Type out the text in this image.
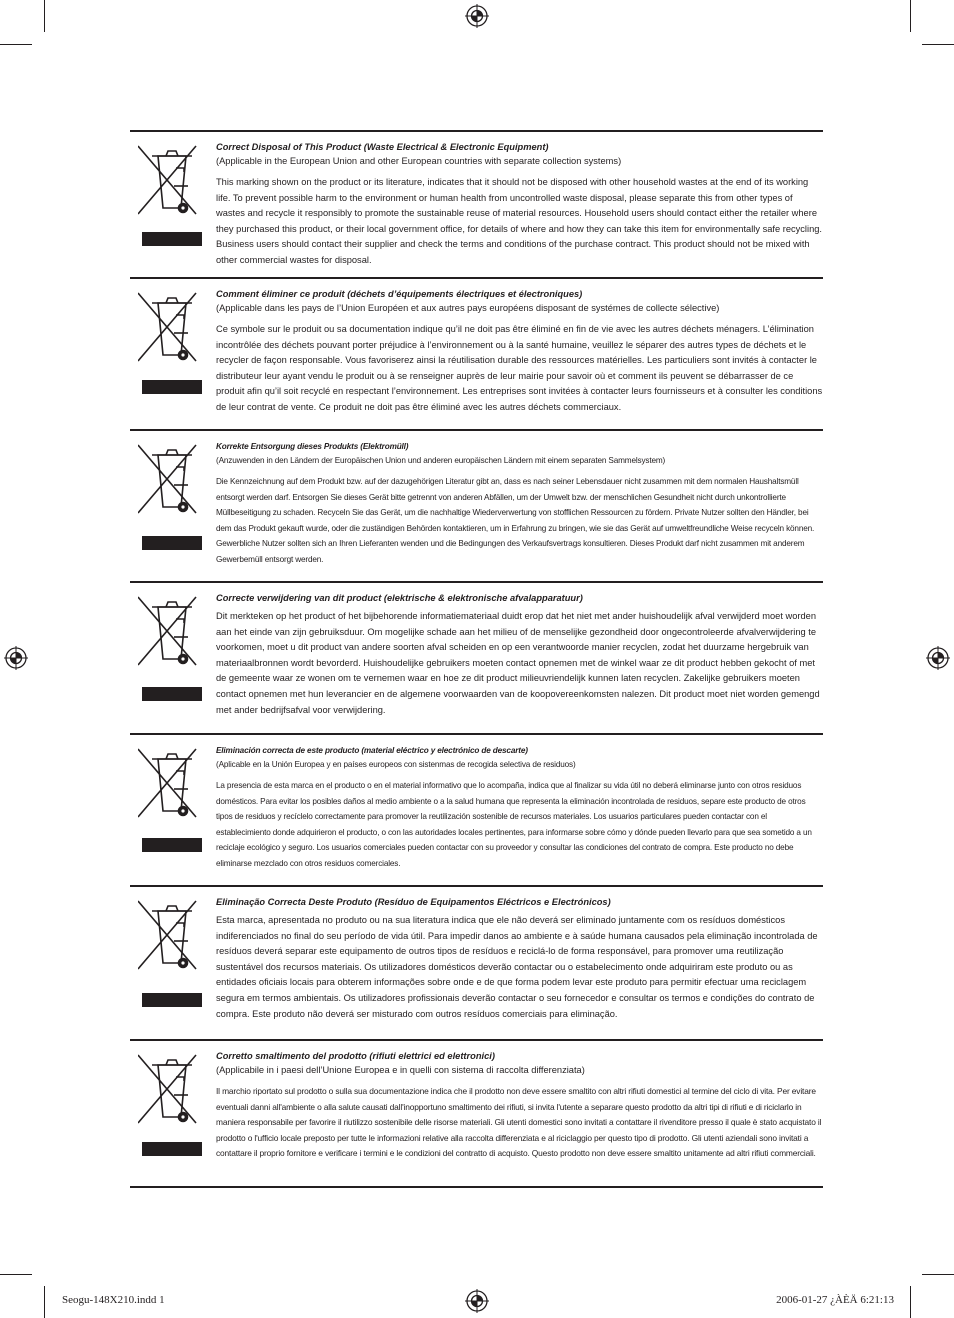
Correct Disposal of This Product (Waste Electrical & Electronic Equipment)
(Applicable in the European Union and other European countries with separate collection systems)
This marking shown on the product or its literature, indicates that it should not be disposed with other household wastes at the end of its working life. To prevent possible harm to the environment or human health from uncontrolled waste disposal, please separate this from other types of wastes and recycle it responsibly to promote the sustainable reuse of material resources. Household users should contact either the retailer where they purchased this product, or their local government office, for details of where and how they can take this item for environmentally safe recycling. Business users should contact their supplier and check the terms and conditions of the purchase contract. This product should not be mixed with other commercial wastes for disposal.
Comment éliminer ce produit (déchets d’équipements électriques et électroniques)
(Applicable dans les pays de l’Union Européen et aux autres pays européens disposant de systémes de collecte sélective)
Ce symbole sur le produit ou sa documentation indique qu’il ne doit pas être éliminé en fin de vie avec les autres déchets ménagers. L’élimination incontrôlée des déchets pouvant porter préjudice à l’environnement ou à la santé humaine, veuillez le séparer des autres types de déchets et le recycler de façon responsable. Vous favoriserez ainsi la réutilisation durable des ressources matérielles. Les particuliers sont invités à contacter le distributeur leur ayant vendu le produit ou à se renseigner auprès de leur mairie pour savoir où et comment ils peuvent se débarrasser de ce produit afin qu’il soit recyclé en respectant l’environnement. Les entreprises sont invitées à contacter leurs fournisseurs et à consulter les conditions de leur contrat de vente. Ce produit ne doit pas être éliminé avec les autres déchets commerciaux.
Korrekte Entsorgung dieses Produkts (Elektromüll)
(Anzuwenden in den Ländern der Europäischen Union und anderen europäischen Ländern mit einem separaten Sammelsystem)
Die Kennzeichnung auf dem Produkt bzw. auf der dazugehörigen Literatur gibt an, dass es nach seiner Lebensdauer nicht zusammen mit dem normalen Haushaltsmüll entsorgt werden darf. Entsorgen Sie dieses Gerät bitte getrennt von anderen Abfällen, um der Umwelt bzw. der menschlichen Gesundheit nicht durch unkontrollierte Müllbeseitigung zu schaden. Recyceln Sie das Gerät, um die nachhaltige Wiederverwertung von stofflichen Ressourcen zu fördern. Private Nutzer sollten den Händler, bei dem das Produkt gekauft wurde, oder die zuständigen Behörden kontaktieren, um in Erfahrung zu bringen, wie sie das Gerät auf umweltfreundliche Weise recyceln können. Gewerbliche Nutzer sollten sich an Ihren Lieferanten wenden und die Bedingungen des Verkaufsvertrags konsultieren. Dieses Produkt darf nicht zusammen mit anderem Gewerbemüll entsorgt werden.
Correcte verwijdering van dit product (elektrische & elektronische afvalapparatuur)
Dit merkteken op het product of het bijbehorende informatiemateriaal duidt erop dat het niet met ander huishoudelijk afval verwijderd moet worden aan het einde van zijn gebruiksduur. Om mogelijke schade aan het milieu of de menselijke gezondheid door ongecontroleerde afvalverwijdering te voorkomen, moet u dit product van andere soorten afval scheiden en op een verantwoorde manier recyclen, zodat het duurzame hergebruik van materiaalbronnen wordt bevorderd. Huishoudelijke gebruikers moeten contact opnemen met de winkel waar ze dit product hebben gekocht of met de gemeente waar ze wonen om te vernemen waar en hoe ze dit product milieuvriendelijk kunnen laten recyclen. Zakelijke gebruikers moeten contact opnemen met hun leverancier en de algemene voorwaarden van de koopovereenkomsten nalezen. Dit product moet niet worden gemengd met ander bedrijfsafval voor verwijdering.
Eliminación correcta de este producto (material eléctrico y electrónico de descarte)
(Aplicable en la Unión Europea y en países europeos con sistenmas de recogida selectiva de residuos)
La presencia de esta marca en el producto o en el material informativo que lo acompaña, indica que al finalizar su vida útil no deberá eliminarse junto con otros residuos domésticos. Para evitar los posibles daños al medio ambiente o a la salud humana que representa la eliminación incontrolada de residuos, separe este producto de otros tipos de residuos y recíclelo correctamente para promover la reutilización sostenible de recursos materiales. Los usuarios particulares pueden contactar con el establecimiento donde adquirieron el producto, o con las autoridades locales pertinentes, para informarse sobre cómo y dónde pueden llevarlo para que sea sometido a un reciclaje ecológico y seguro. Los usuarios comerciales pueden contactar con su proveedor y consultar las condiciones del contrato de compra. Este producto no debe eliminarse mezclado con otros residuos comerciales.
Eliminação Correcta Deste Produto (Resíduo de Equipamentos Eléctricos e Electrónicos)
Esta marca, apresentada no produto ou na sua literatura indica que ele não deverá ser eliminado juntamente com os resíduos domésticos indiferenciados no final do seu período de vida útil. Para impedir danos ao ambiente e à saúde humana causados pela eliminação incontrolada de resíduos deverá separar este equipamento de outros tipos de resíduos e reciclá-lo de forma responsável, para promover uma reutilização sustentável dos recursos materiais. Os utilizadores domésticos deverão contactar ou o estabelecimento onde adquiriram este produto ou as entidades oficiais locais para obterem informações sobre onde e de que forma podem levar este produto para permitir efectuar uma reciclagem segura em termos ambientais. Os utilizadores profissionais deverão contactar o seu fornecedor e consultar os termos e condições do contrato de compra. Este produto não deverá ser misturado com outros resíduos comerciais para eliminação.
Corretto smaltimento del prodotto (rifiuti elettrici ed elettronici)
(Applicabile in i paesi dell’Unione Europea e in quelli con sistema di raccolta differenziata)
Il marchio riportato sul prodotto o sulla sua documentazione indica che il prodotto non deve essere smaltito con altri rifiuti domestici al termine del ciclo di vita. Per evitare eventuali danni all'ambiente o alla salute causati dall'inopportuno smaltimento dei rifiuti, si invita l'utente a separare questo prodotto da altri tipi di rifiuti e di riciclarlo in maniera responsabile per favorire il riutilizzo sostenibile delle risorse materiali. Gli utenti domestici sono invitati a contattare il rivenditore presso il quale è stato acquistato il prodotto o l'ufficio locale preposto per tutte le informazioni relative alla raccolta differenziata e al riciclaggio per questo tipo di prodotto. Gli utenti aziendali sono invitati a contattare il proprio fornitore e verificare i termini e le condizioni del contratto di acquisto. Questo prodotto non deve essere smaltito unitamente ad altri rifiuti commerciali.
Seogu-148X210.indd 1	2006-01-27 ¿ÀÈÄ 6:21:13
